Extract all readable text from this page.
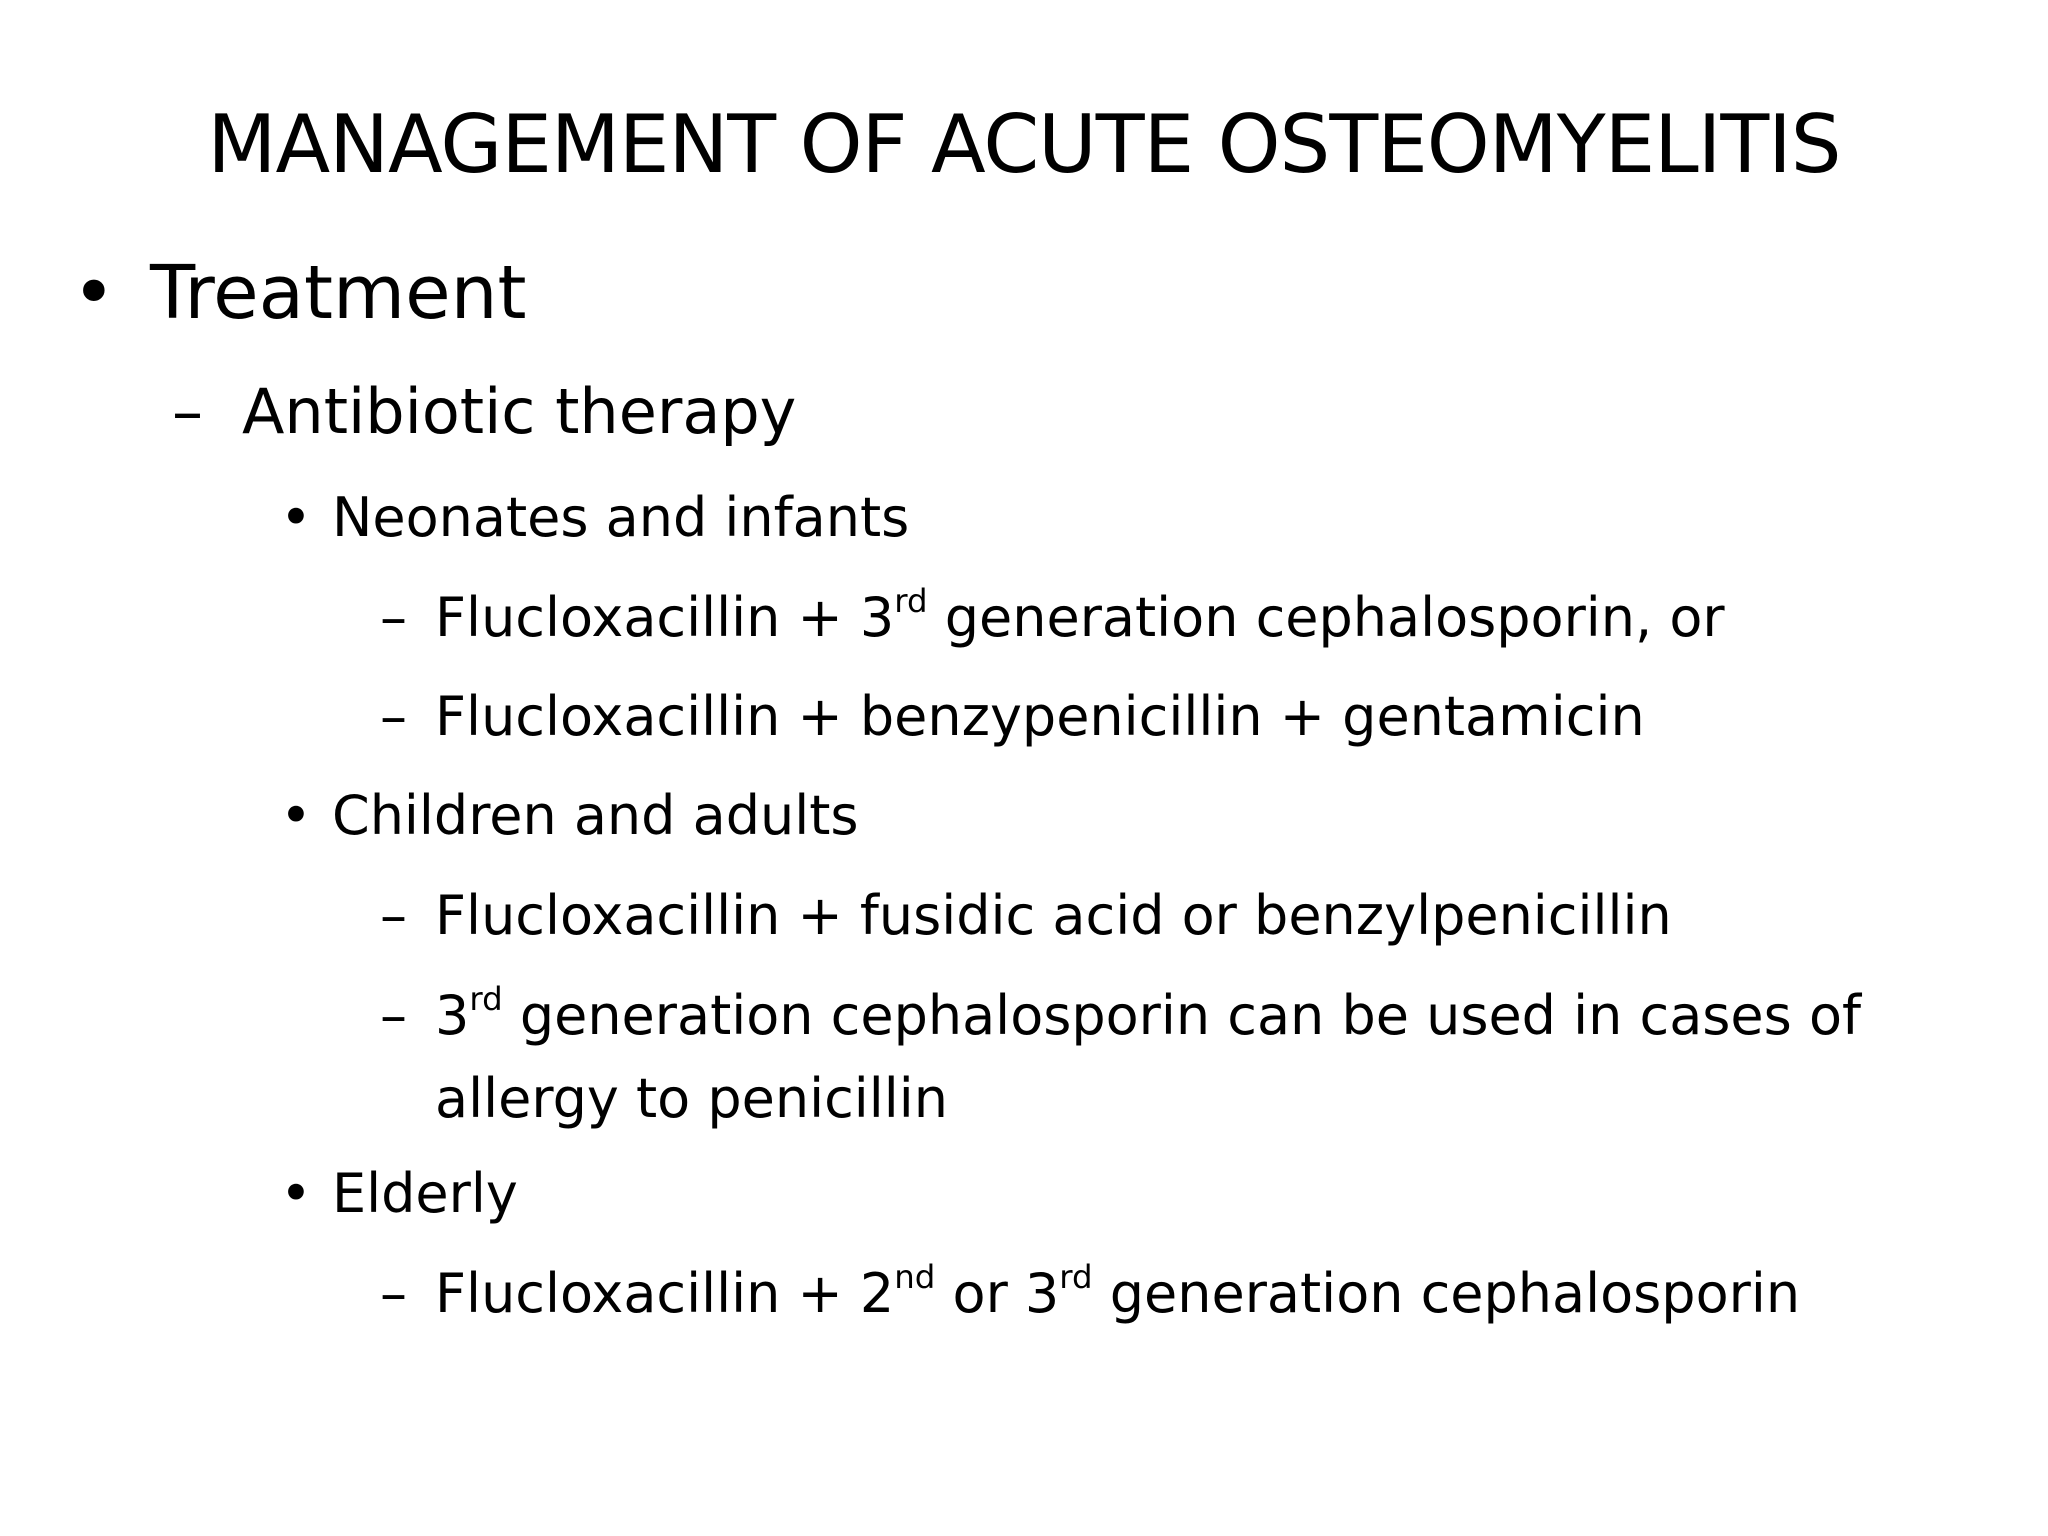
MANAGEMENT OF ACUTE OSTEOMYELITIS
• Treatment
– Antibiotic therapy
• Neonates and infants
– Flucloxacillin + 3rd generation cephalosporin, or
– Flucloxacillin + benzypenicillin + gentamicin
• Children and adults
– Flucloxacillin + fusidic acid or benzylpenicillin
– 3rd generation cephalosporin can be used in cases of
allergy to penicillin
• Elderly
– Flucloxacillin + 2nd or 3rd generation cephalosporin
